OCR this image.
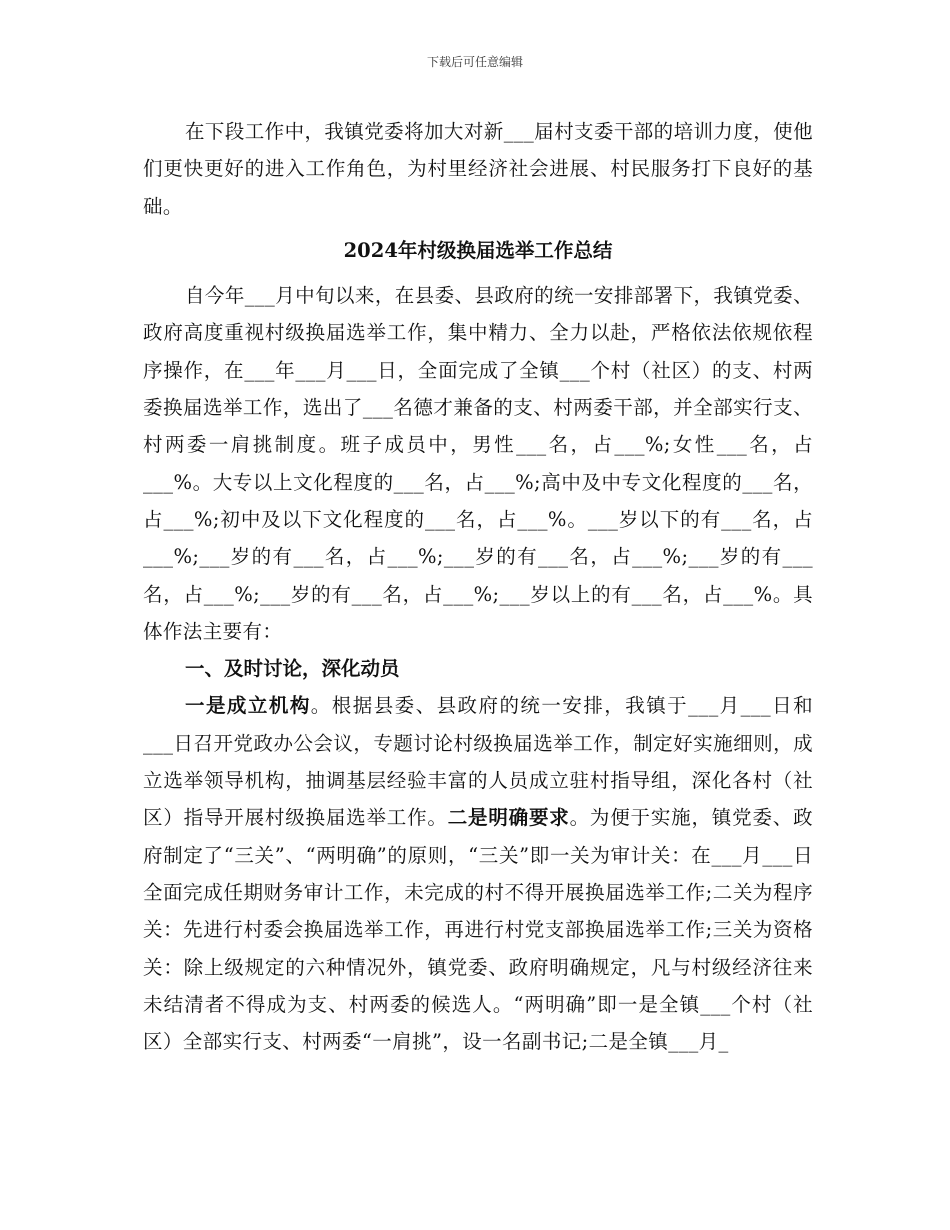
下载后可任意编辑

在下段工作中，我镇党委将加大对新___届村支委干部的培训力度，使他们更快更好的进入工作角色，为村里经济社会进展、村民服务打下良好的基础。

2024年村级换届选举工作总结

自今年___月中旬以来，在县委、县政府的统一安排部署下，我镇党委、政府高度重视村级换届选举工作，集中精力、全力以赴，严格依法依规依程序操作，在___年___月___日，全面完成了全镇___个村（社区）的支、村两委换届选举工作，选出了___名德才兼备的支、村两委干部，并全部实行支、村两委一肩挑制度。班子成员中，男性___名，占___%;女性___名，占___%。大专以上文化程度的___名，占___%;高中及中专文化程度的___名，占___%;初中及以下文化程度的___名，占___%。___岁以下的有___名，占___%;___岁的有___名，占___%;___岁的有___名，占___%;___岁的有___名，占___%;___岁的有___名，占___%;___岁以上的有___名，占___%。具体作法主要有：

一、及时讨论，深化动员

一是成立机构。根据县委、县政府的统一安排，我镇于___月___日和___日召开党政办公会议，专题讨论村级换届选举工作，制定好实施细则，成立选举领导机构，抽调基层经验丰富的人员成立驻村指导组，深化各村（社区）指导开展村级换届选举工作。二是明确要求。为便于实施，镇党委、政府制定了“三关”、“两明确”的原则，“三关”即一关为审计关：在___月___日全面完成任期财务审计工作，未完成的村不得开展换届选举工作;二关为程序关：先进行村委会换届选举工作，再进行村党支部换届选举工作;三关为资格关：除上级规定的六种情况外，镇党委、政府明确规定，凡与村级经济往来未结清者不得成为支、村两委的候选人。“两明确”即一是全镇___个村（社区）全部实行支、村两委“一肩挑”，设一名副书记;二是全镇___月_
